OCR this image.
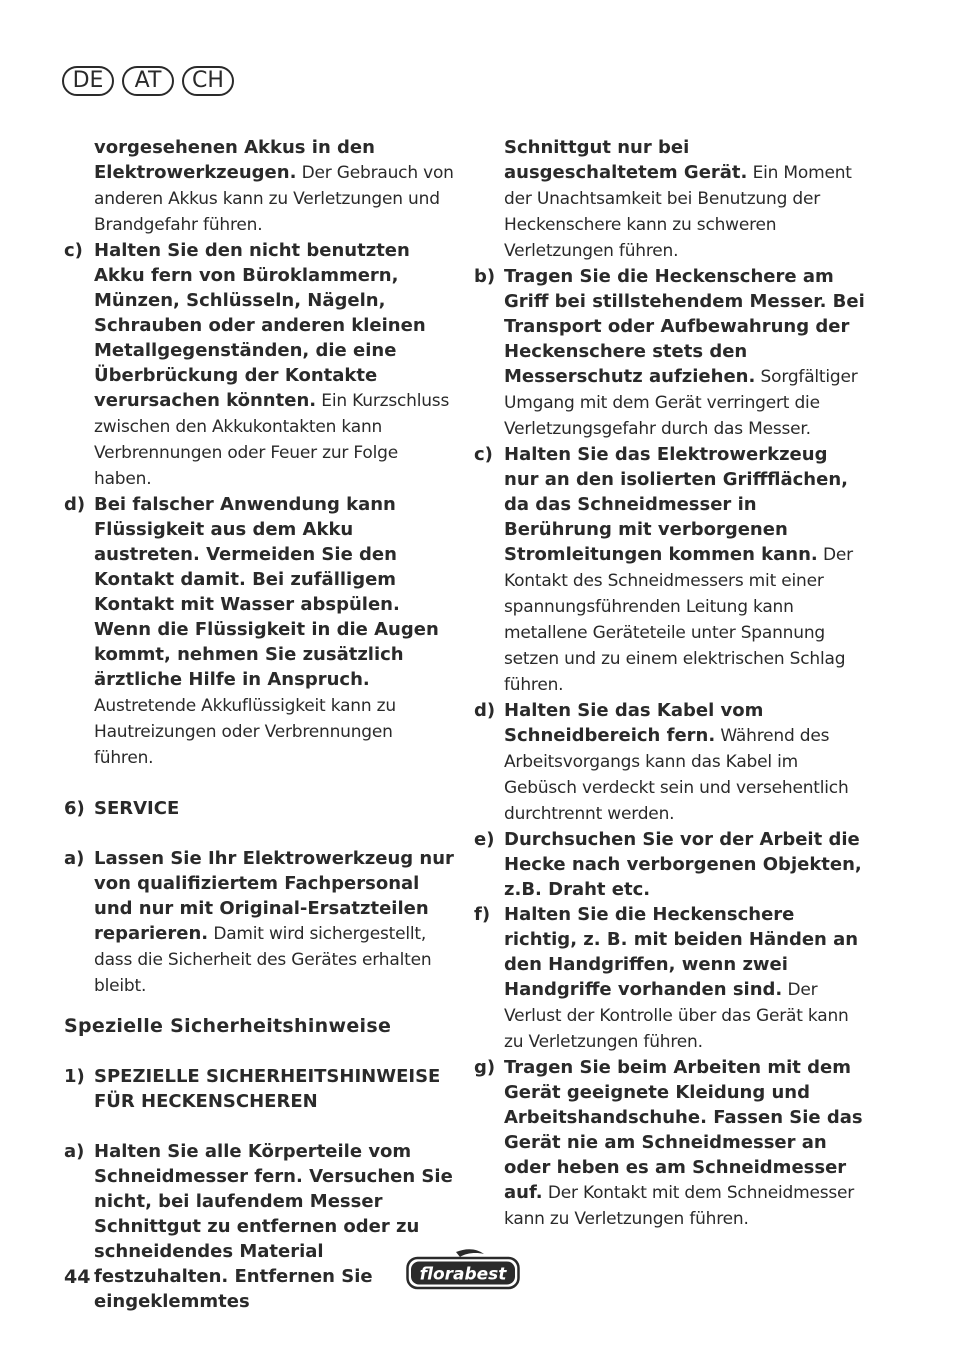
DE	AT	CH
vorgesehenen Akkus in den Elektrowerkzeugen. Der Gebrauch von anderen Akkus kann zu Verletzungen und Brandgefahr führen.
c) Halten Sie den nicht benutzten Akku fern von Büroklammern, Münzen, Schlüsseln, Nägeln, Schrauben oder anderen kleinen Metallgegenständen, die eine Überbrückung der Kontakte verursachen könnten. Ein Kurzschluss zwischen den Akkukontakten kann Verbrennungen oder Feuer zur Folge haben.
d) Bei falscher Anwendung kann Flüssigkeit aus dem Akku austreten. Vermeiden Sie den Kontakt damit. Bei zufälligem Kontakt mit Wasser abspülen. Wenn die Flüssigkeit in die Augen kommt, nehmen Sie zusätzlich ärztliche Hilfe in Anspruch. Austretende Akkuflüssigkeit kann zu Hautreizungen oder Verbrennungen führen.
6) SERVICE
a) Lassen Sie Ihr Elektrowerkzeug nur von qualifiziertem Fachpersonal und nur mit Original-Ersatzteilen reparieren. Damit wird sichergestellt, dass die Sicherheit des Gerätes erhalten bleibt.
Spezielle Sicherheitshinweise
1) SPEZIELLE SICHERHEITSHINWEISE FÜR HECKENSCHEREN
a) Halten Sie alle Körperteile vom Schneidmesser fern. Versuchen Sie nicht, bei laufendem Messer Schnittgut zu entfernen oder zu schneidendes Material festzuhalten. Entfernen Sie eingeklemmtes
Schnittgut nur bei ausgeschaltetem Gerät. Ein Moment der Unachtsamkeit bei Benutzung der Heckenschere kann zu schweren Verletzungen führen.
b) Tragen Sie die Heckenschere am Griff bei stillstehendem Messer. Bei Transport oder Aufbewahrung der Heckenschere stets den Messerschutz aufziehen. Sorgfältiger Umgang mit dem Gerät verringert die Verletzungsgefahr durch das Messer.
c) Halten Sie das Elektrowerkzeug nur an den isolierten Griffflächen, da das Schneidmesser in Berührung mit verborgenen Stromleitungen kommen kann. Der Kontakt des Schneidmessers mit einer spannungsführenden Leitung kann metallene Geräteteile unter Spannung setzen und zu einem elektrischen Schlag führen.
d) Halten Sie das Kabel vom Schneidbereich fern. Während des Arbeitsvorgangs kann das Kabel im Gebüsch verdeckt sein und versehentlich durchtrennt werden.
e) Durchsuchen Sie vor der Arbeit die Hecke nach verborgenen Objekten, z.B. Draht etc.
f) Halten Sie die Heckenschere richtig, z. B. mit beiden Händen an den Handgriffen, wenn zwei Handgriffe vorhanden sind. Der Verlust der Kontrolle über das Gerät kann zu Verletzungen führen.
g) Tragen Sie beim Arbeiten mit dem Gerät geeignete Kleidung und Arbeitshandschuhe. Fassen Sie das Gerät nie am Schneidmesser an oder heben es am Schneidmesser auf. Der Kontakt mit dem Schneidmesser kann zu Verletzungen führen.
44	florabest
